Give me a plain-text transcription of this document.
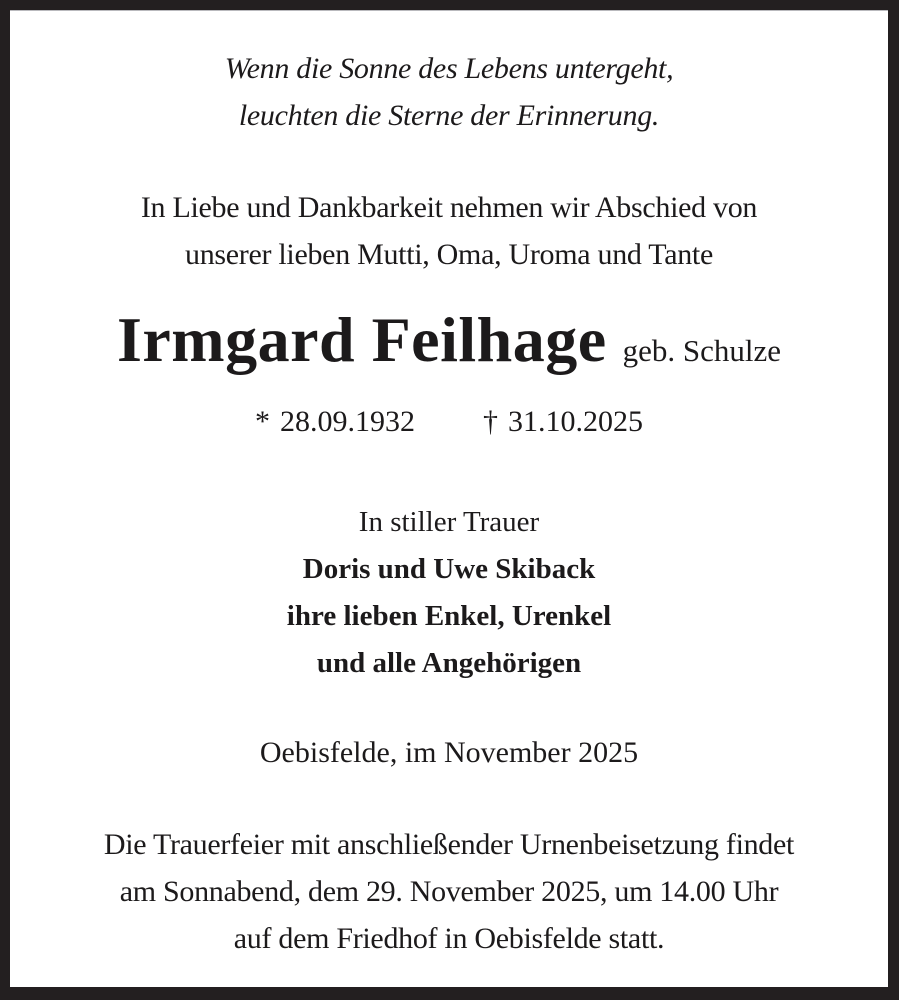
Wenn die Sonne des Lebens untergeht,
leuchten die Sterne der Erinnerung.
In Liebe und Dankbarkeit nehmen wir Abschied von
unserer lieben Mutti, Oma, Uroma und Tante
Irmgard Feilhage geb. Schulze
* 28.09.1932 † 31.10.2025
In stiller Trauer
Doris und Uwe Skiback
ihre lieben Enkel, Urenkel
und alle Angehörigen
Oebisfelde, im November 2025
Die Trauerfeier mit anschließender Urnenbeisetzung findet
am Sonnabend, dem 29. November 2025, um 14.00 Uhr
auf dem Friedhof in Oebisfelde statt.
